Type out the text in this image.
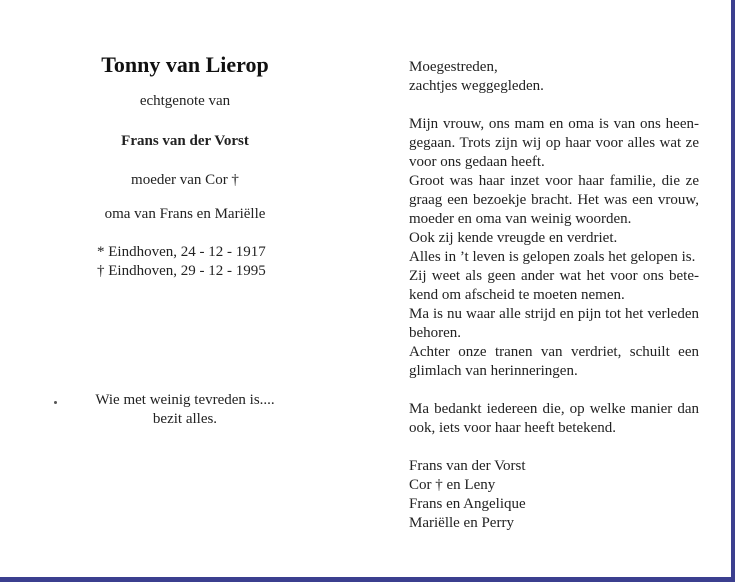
Tonny van Lierop
echtgenote van
Frans van der Vorst
moeder van Cor †
oma van Frans en Mariëlle
* Eindhoven, 24 - 12 - 1917
† Eindhoven, 29 - 12 - 1995
Wie met weinig tevreden is....
bezit alles.
Moegestreden,
zachtjes weggegleden.
Mijn vrouw, ons mam en oma is van ons heen-
gegaan. Trots zijn wij op haar voor alles wat ze
voor ons gedaan heeft.
Groot was haar inzet voor haar familie, die ze
graag een bezoekje bracht. Het was een vrouw,
moeder en oma van weinig woorden.
Ook zij kende vreugde en verdriet.
Alles in ’t leven is gelopen zoals het gelopen is.
Zij weet als geen ander wat het voor ons bete-
kend om afscheid te moeten nemen.
Ma is nu waar alle strijd en pijn tot het verleden
behoren.
Achter onze tranen van verdriet, schuilt een
glimlach van herinneringen.
Ma bedankt iedereen die, op welke manier dan
ook, iets voor haar heeft betekend.
Frans van der Vorst
Cor † en Leny
Frans en Angelique
Mariëlle en Perry
